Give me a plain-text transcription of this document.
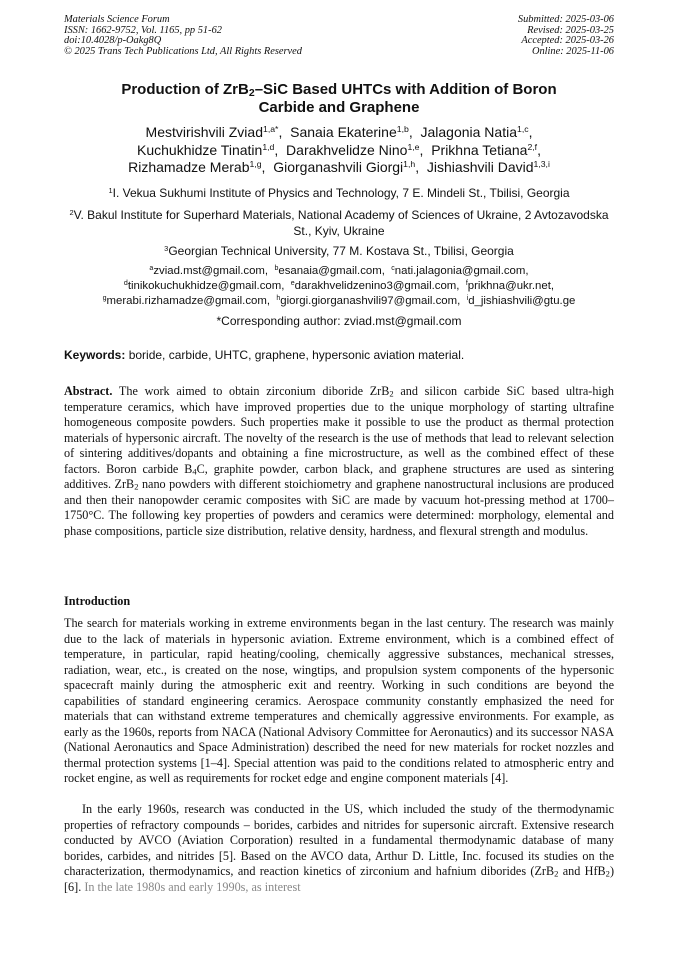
Materials Science Forum
ISSN: 1662-9752, Vol. 1165, pp 51-62
doi:10.4028/p-Oakg8Q
© 2025 Trans Tech Publications Ltd, All Rights Reserved
Submitted: 2025-03-06
Revised: 2025-03-25
Accepted: 2025-03-26
Online: 2025-11-06
Production of ZrB$_2$–SiC Based UHTCs with Addition of Boron
Carbide and Graphene
Mestvirishvili Zviad$^{1,a*}$,  Sanaia Ekaterine$^{1,b}$,  Jalagonia Natia$^{1,c}$,
Kuchukhidze Tinatin$^{1,d}$,  Darakhvelidze Nino$^{1,e}$,  Prikhna Tetiana$^{2,f}$,
Rizhamadze Merab$^{1,g}$,  Giorganashvili Giorgi$^{1,h}$,  Jishiashvili David$^{1,3,i}$
$^1$I. Vekua Sukhumi Institute of Physics and Technology, 7 E. Mindeli St., Tbilisi, Georgia
$^2$V. Bakul Institute for Superhard Materials, National Academy of Sciences of Ukraine, 2 Avtozavodska  St., Kyiv, Ukraine
$^3$Georgian Technical University, 77 M. Kostava St., Tbilisi, Georgia
$^a$zviad.mst@gmail.com,  $^b$esanaia@gmail.com,  $^c$nati.jalagonia@gmail.com,
$^d$tinikokuchukhidze@gmail.com,  $^e$darakhvelidzenino3@gmail.com,  $^f$prikhna@ukr.net,
$^g$merabi.rizhamadze@gmail.com,  $^h$giorgi.giorganashvili97@gmail.com,  $^i$d_jishiashvili@gtu.ge
*Corresponding author: zviad.mst@gmail.com
Keywords: boride, carbide, UHTC, graphene, hypersonic aviation material.
Abstract. The work aimed to obtain zirconium diboride ZrB$_2$ and silicon carbide SiC based ultra-high temperature ceramics, which have improved properties due to the unique morphology of starting ultrafine homogeneous composite powders. Such properties make it possible to use the product as thermal protection materials of hypersonic aircraft. The novelty of the research is the use of methods that lead to relevant selection of sintering additives/dopants and obtaining a fine microstructure, as well as the combined effect of these factors. Boron carbide $B_4C$, graphite powder, carbon black, and graphene structures are used as sintering additives. ZrB$_2$ nano powders with different stoichiometry and graphene nanostructural inclusions are produced and then their nanopowder ceramic composites with SiC are made by vacuum hot-pressing method at 1700–1750°C. The following key properties of powders and ceramics were determined: morphology, elemental and phase compositions, particle size distribution, relative density, hardness, and flexural strength and modulus.
Introduction
The search for materials working in extreme environments began in the last century. The research was mainly due to the lack of materials in hypersonic aviation. Extreme environment, which is a combined effect of temperature, in particular, rapid heating/cooling, chemically aggressive substances, mechanical stresses, radiation, wear, etc., is created on the nose, wingtips, and propulsion system components of the hypersonic spacecraft mainly during the atmospheric exit and reentry. Working in such conditions are beyond the capabilities of standard engineering ceramics. Aerospace community constantly emphasized the need for materials that can withstand extreme temperatures and chemically aggressive environments. For example, as early as the 1960s, reports from NACA (National Advisory Committee for Aeronautics) and its successor NASA (National Aeronautics and Space Administration) described the need for new materials for rocket nozzles and thermal protection systems [1–4]. Special attention was paid to the conditions related to atmospheric entry and rocket engine, as well as requirements for rocket edge and engine component materials [4].
In the early 1960s, research was conducted in the US, which included the study of the thermodynamic properties of refractory compounds – borides, carbides and nitrides for supersonic aircraft. Extensive research conducted by AVCO (Aviation Corporation) resulted in a fundamental thermodynamic database of many borides, carbides, and nitrides [5]. Based on the AVCO data, Arthur D. Little, Inc. focused its studies on the characterization, thermodynamics, and reaction kinetics of zirconium and hafnium diborides (ZrB$_2$ and HfB$_2$) [6]. In the late 1980s and early 1990s, as interest
